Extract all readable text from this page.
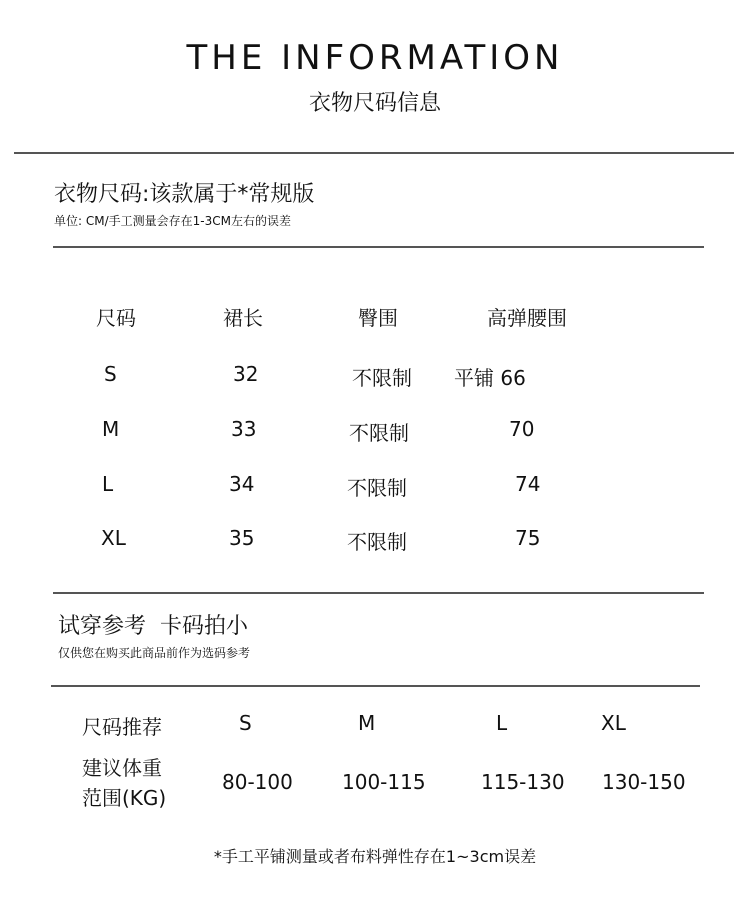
THE INFORMATION
衣物尺码信息
衣物尺码:该款属于*常规版
单位: CM/手工测量会存在1-3CM左右的误差
尺码	裙长	臀围	高弹腰围
S	32	不限制 平铺 66
M	33	不限制	70
L	34	不限制	74
XL	35	不限制	75
试穿参考  卡码拍小
仅供您在购买此商品前作为选码参考
尺码推荐	S	M	L	XL
建议体重
范围(KG)
80-100 100-115	115-130 130-150
*手工平铺测量或者布料弹性存在1~3cm误差
